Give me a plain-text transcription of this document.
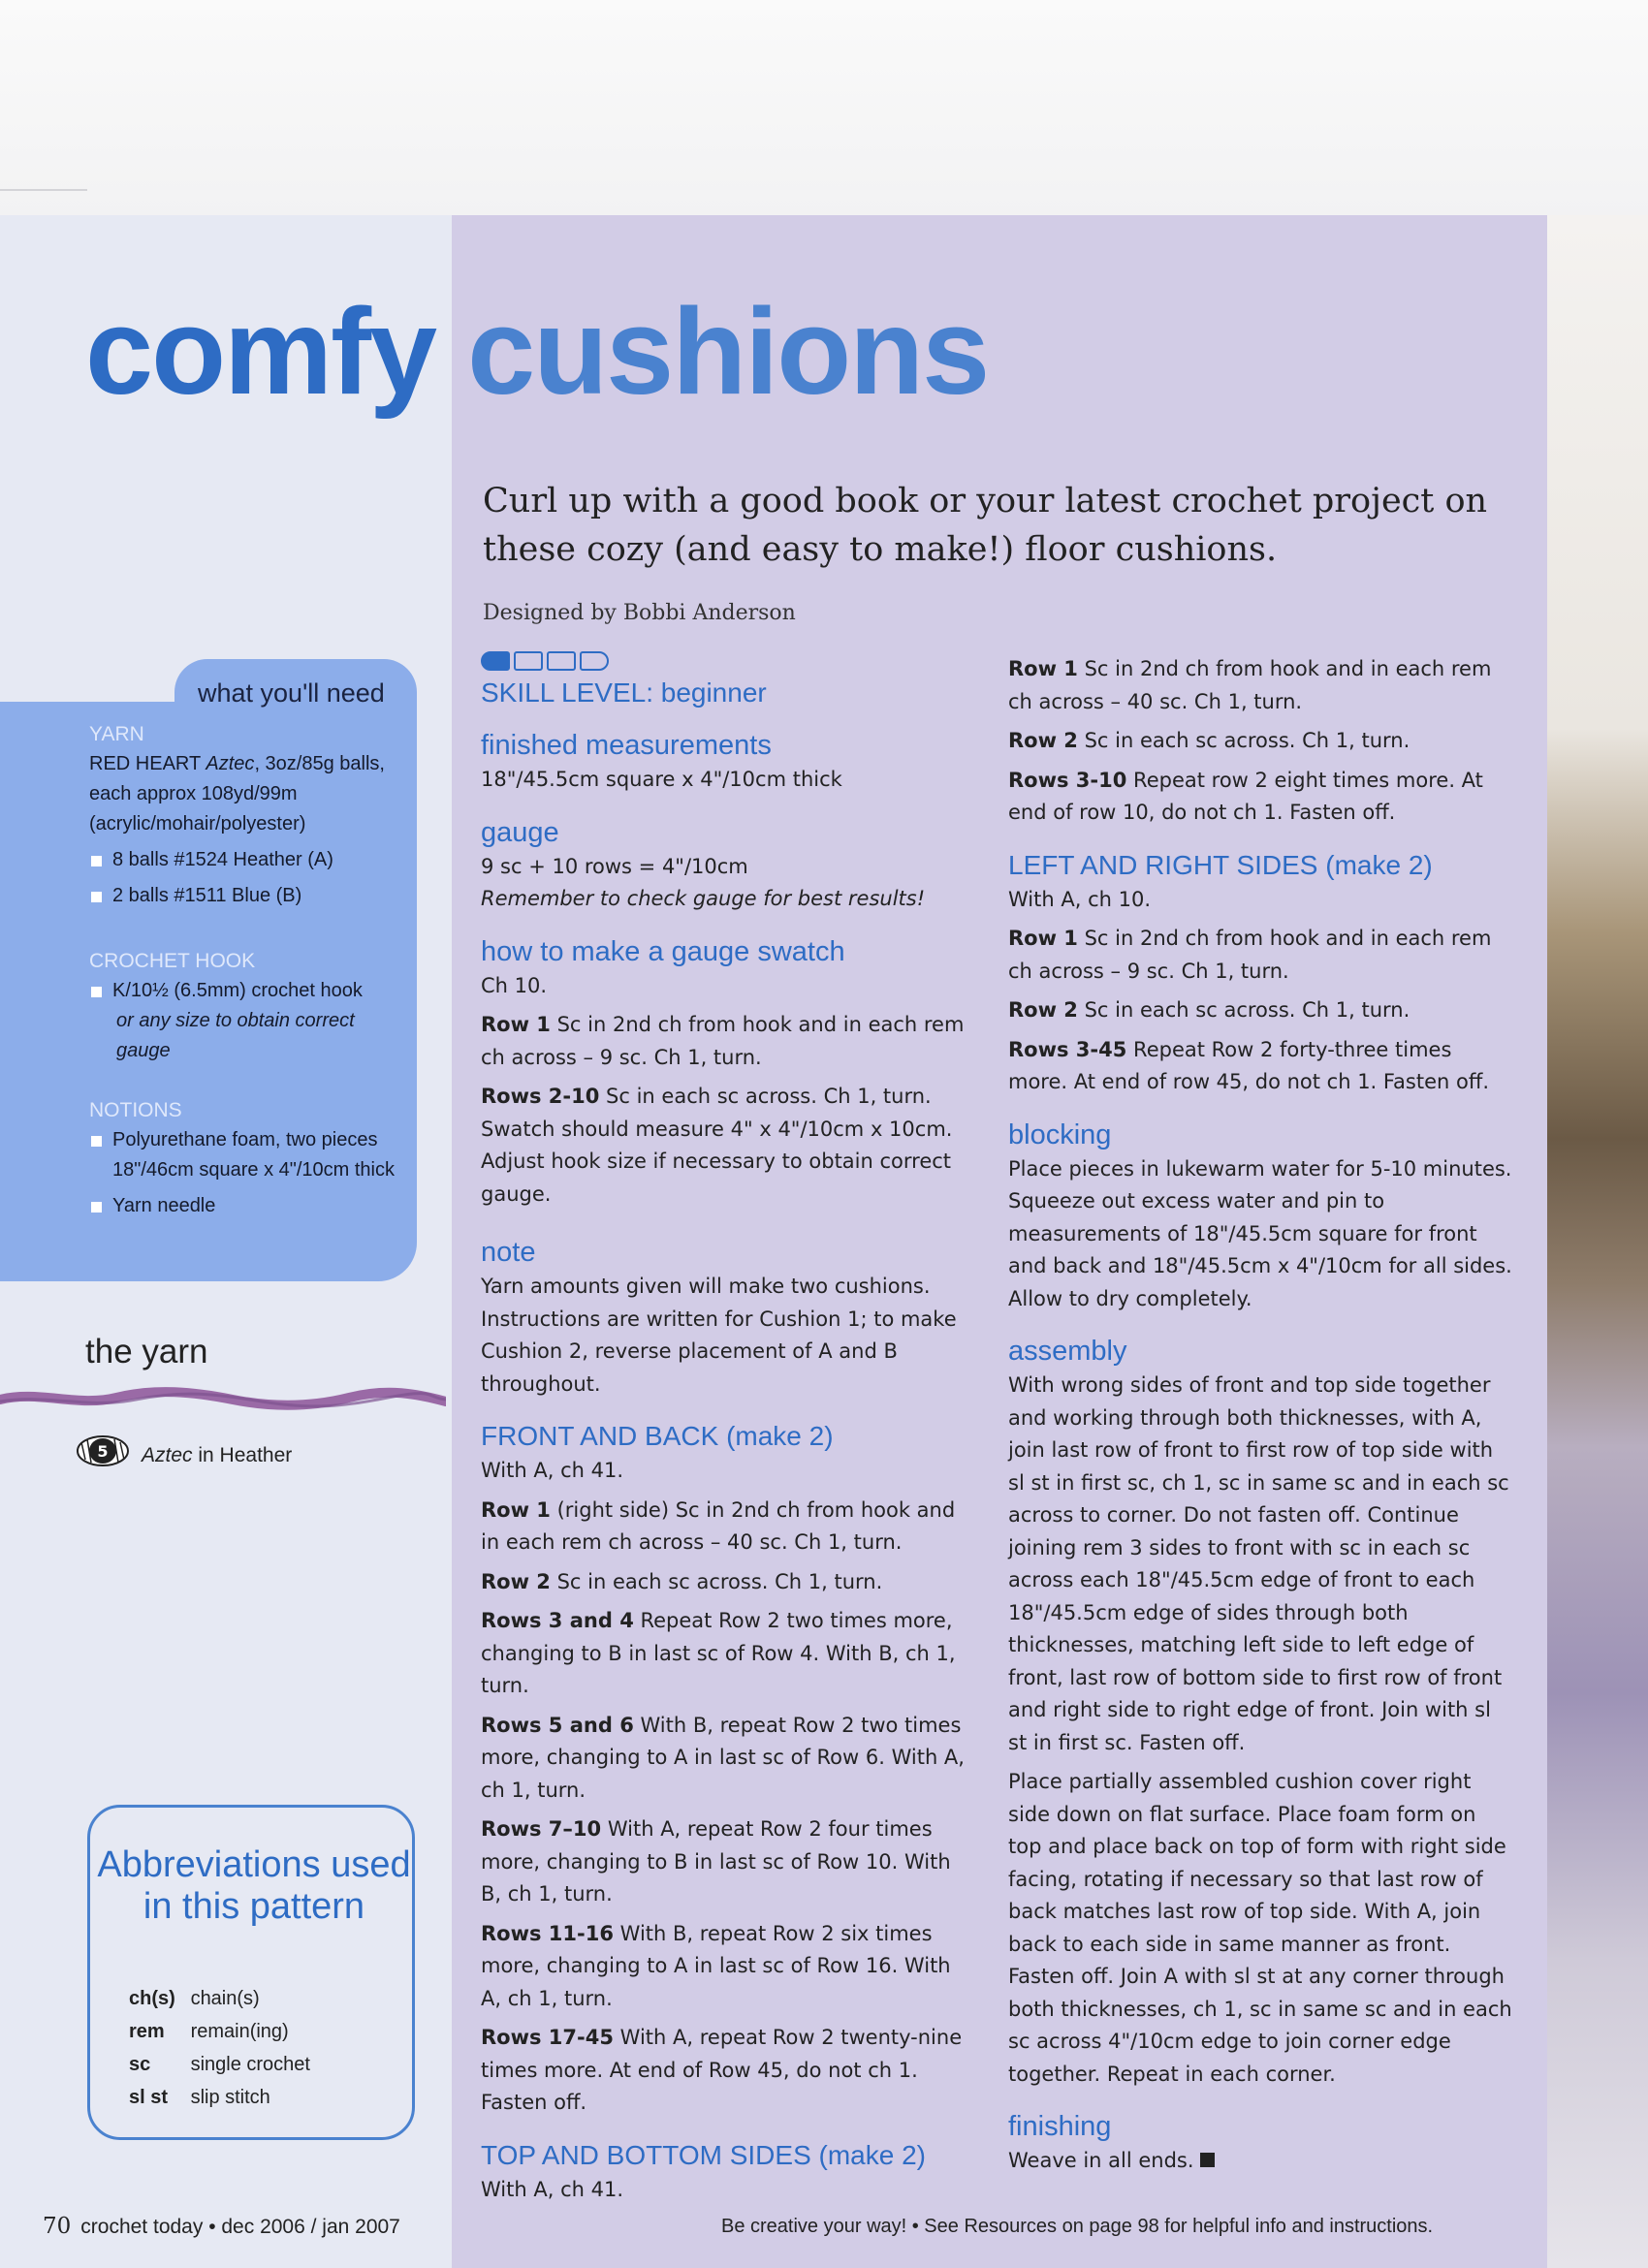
comfy cushions
Curl up with a good book or your latest crochet project on these cozy (and easy to make!) floor cushions.
Designed by Bobbi Anderson
what you'll need
YARN
RED HEART Aztec, 3oz/85g balls, each approx 108yd/99m (acrylic/mohair/polyester)
8 balls #1524 Heather (A)
2 balls #1511 Blue (B)
CROCHET HOOK
K/10½ (6.5mm) crochet hook
or any size to obtain correct gauge
NOTIONS
Polyurethane foam, two pieces 18"/46cm square x 4"/10cm thick
Yarn needle
the yarn
5 Aztec in Heather
Abbreviations used in this pattern
ch(s) chain(s)
rem remain(ing)
sc single crochet
sl st slip stitch
SKILL LEVEL: beginner
finished measurements

18"/45.5cm square x 4"/10cm thick

gauge

9 sc + 10 rows = 4"/10cm

Remember to check gauge for best results!

how to make a gauge swatch

Ch 10.

Row 1 Sc in 2nd ch from hook and in each rem ch across – 9 sc. Ch 1, turn.

Rows 2-10 Sc in each sc across. Ch 1, turn. Swatch should measure 4" x 4"/10cm x 10cm. Adjust hook size if necessary to obtain correct gauge.

note

Yarn amounts given will make two cushions. Instructions are written for Cushion 1; to make Cushion 2, reverse placement of A and B throughout.

FRONT AND BACK (make 2)

With A, ch 41.

Row 1 (right side) Sc in 2nd ch from hook and in each rem ch across – 40 sc. Ch 1, turn.

Row 2 Sc in each sc across. Ch 1, turn.

Rows 3 and 4 Repeat Row 2 two times more, changing to B in last sc of Row 4. With B, ch 1, turn.

Rows 5 and 6 With B, repeat Row 2 two times more, changing to A in last sc of Row 6. With A, ch 1, turn.

Rows 7–10 With A, repeat Row 2 four times more, changing to B in last sc of Row 10. With B, ch 1, turn.

Rows 11-16 With B, repeat Row 2 six times more, changing to A in last sc of Row 16. With A, ch 1, turn.

Rows 17-45 With A, repeat Row 2 twenty-nine times more. At end of Row 45, do not ch 1. Fasten off.

TOP AND BOTTOM SIDES (make 2)

With A, ch 41.

Row 1 Sc in 2nd ch from hook and in each rem ch across – 40 sc. Ch 1, turn.

Row 2 Sc in each sc across. Ch 1, turn.

Rows 3-10 Repeat row 2 eight times more. At end of row 10, do not ch 1. Fasten off.

LEFT AND RIGHT SIDES (make 2)

With A, ch 10.

Row 1 Sc in 2nd ch from hook and in each rem ch across – 9 sc. Ch 1, turn.

Row 2 Sc in each sc across. Ch 1, turn.

Rows 3-45 Repeat Row 2 forty-three times more. At end of row 45, do not ch 1. Fasten off.

blocking

Place pieces in lukewarm water for 5-10 minutes. Squeeze out excess water and pin to measurements of 18"/45.5cm square for front and back and 18"/45.5cm x 4"/10cm for all sides. Allow to dry completely.

assembly

With wrong sides of front and top side together and working through both thicknesses, with A, join last row of front to first row of top side with sl st in first sc, ch 1, sc in same sc and in each sc across to corner. Do not fasten off. Continue joining rem 3 sides to front with sc in each sc across each 18"/45.5cm edge of front to each 18"/45.5cm edge of sides through both thicknesses, matching left side to left edge of front, last row of bottom side to first row of front and right side to right edge of front. Join with sl st in first sc. Fasten off.

Place partially assembled cushion cover right side down on flat surface. Place foam form on top and place back on top of form with right side facing, rotating if necessary so that last row of back matches last row of top side. With A, join back to each side in same manner as front. Fasten off. Join A with sl st at any corner through both thicknesses, ch 1, sc in same sc and in each sc across 4"/10cm edge to join corner edge together. Repeat in each corner.

finishing

Weave in all ends.

70 crochet today • dec 2006 / jan 2007	Be creative your way! • See Resources on page 98 for helpful info and instructions.
